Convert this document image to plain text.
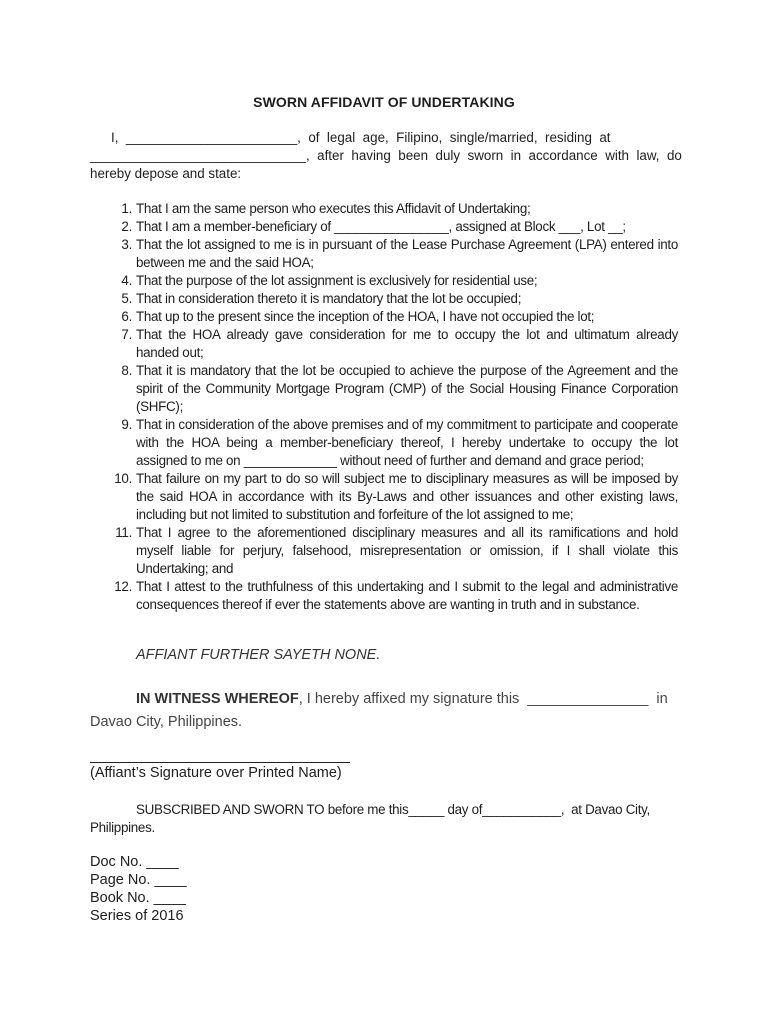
SWORN AFFIDAVIT OF UNDERTAKING
I,  _______________________,  of  legal  age,  Filipino,  single/married,  residing  at
_____________________________,  after  having  been  duly  sworn  in  accordance  with  law,  do
hereby depose and state:
1. That I am the same person who executes this Affidavit of Undertaking;
2. That I am a member-beneficiary of ________________, assigned at Block ___, Lot __;
3. That the lot assigned to me is in pursuant of the Lease Purchase Agreement (LPA) entered into between me and the said HOA;
4. That the purpose of the lot assignment is exclusively for residential use;
5. That in consideration thereto it is mandatory that the lot be occupied;
6. That up to the present since the inception of the HOA, I have not occupied the lot;
7. That the HOA already gave consideration for me to occupy the lot and ultimatum already handed out;
8. That it is mandatory that the lot be occupied to achieve the purpose of the Agreement and the spirit of the Community Mortgage Program (CMP) of the Social Housing Finance Corporation (SHFC);
9. That in consideration of the above premises and of my commitment to participate and cooperate with the HOA being a member-beneficiary thereof, I hereby undertake to occupy the lot assigned to me on _____________ without need of further and demand and grace period;
10. That failure on my part to do so will subject me to disciplinary measures as will be imposed by the said HOA in accordance with its By-Laws and other issuances and other existing laws, including but not limited to substitution and forfeiture of the lot assigned to me;
11. That I agree to the aforementioned disciplinary measures and all its ramifications and hold myself liable for perjury, falsehood, misrepresentation or omission, if I shall violate this Undertaking; and
12. That I attest to the truthfulness of this undertaking and I submit to the legal and administrative consequences thereof if ever the statements above are wanting in truth and in substance.
AFFIANT FURTHER SAYETH NONE.
IN WITNESS WHEREOF, I hereby affixed my signature this  _______________  in
Davao City, Philippines.
(Affiant’s Signature over Printed Name)
SUBSCRIBED AND SWORN TO before me this_____ day of___________,  at Davao City,
Philippines.
Doc No. ____
Page No. ____
Book No. ____
Series of 2016
